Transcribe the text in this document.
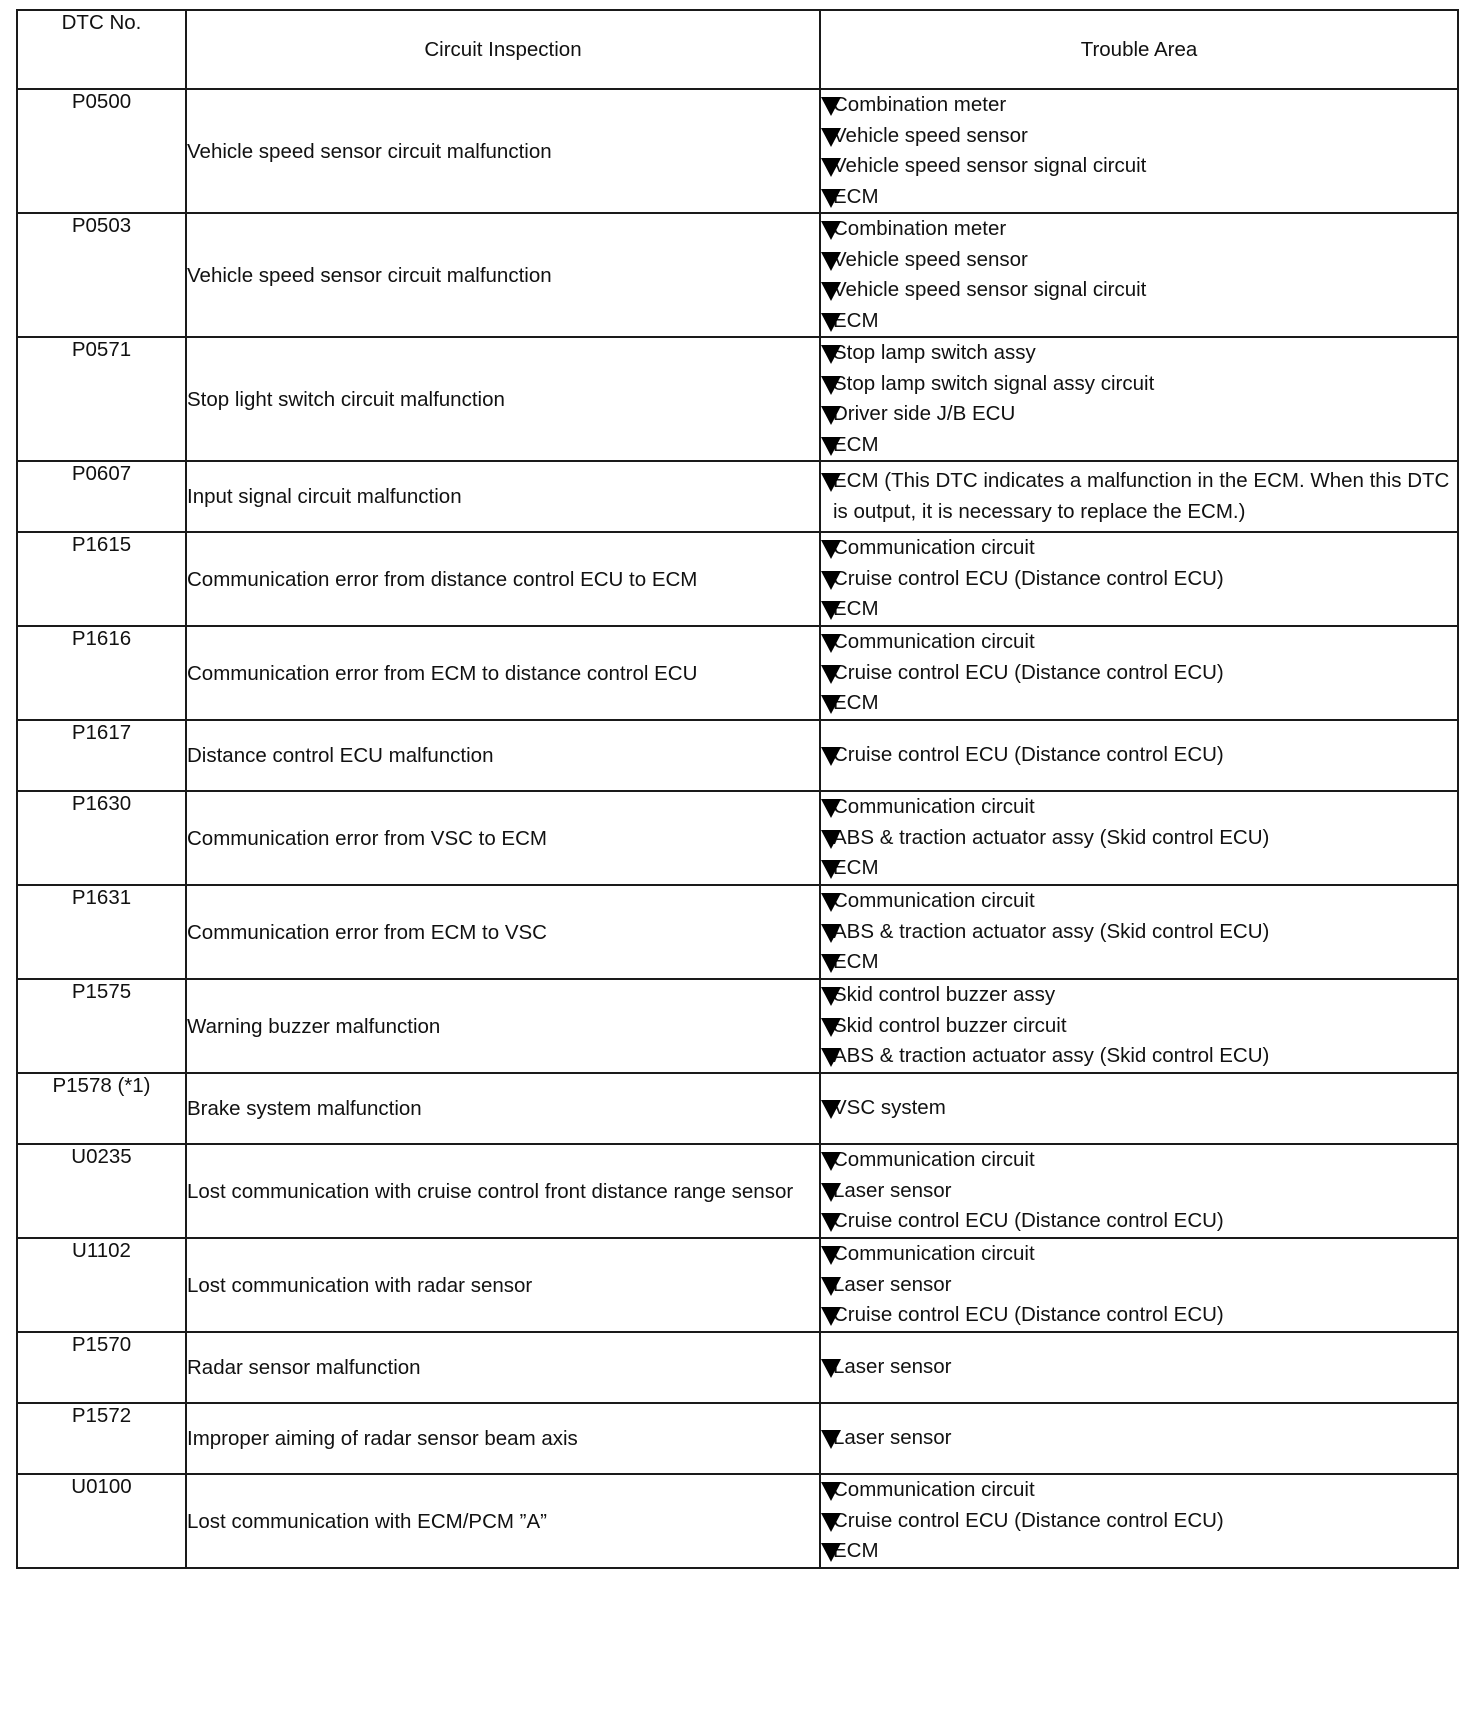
DTC No.	Circuit Inspection	Trouble Area
P0500	Vehicle speed sensor circuit malfunction	Combination meter
Vehicle speed sensor
Vehicle speed sensor signal circuit
ECM

P0503	Vehicle speed sensor circuit malfunction	Combination meter
Vehicle speed sensor
Vehicle speed sensor signal circuit
ECM

P0571	Stop light switch circuit malfunction	Stop lamp switch assy
Stop lamp switch signal assy circuit
Driver side J/B ECU
ECM

P0607	Input signal circuit malfunction	ECM (This DTC indicates a malfunction in the ECM. When this DTC is output, it is necessary to replace the ECM.)

P1615	Communication error from distance control ECU to ECM	Communication circuit
Cruise control ECU (Distance control ECU)
ECM

P1616	Communication error from ECM to distance control ECU	Communication circuit
Cruise control ECU (Distance control ECU)
ECM

P1617	Distance control ECU malfunction	Cruise control ECU (Distance control ECU)

P1630	Communication error from VSC to ECM	Communication circuit
ABS & traction actuator assy (Skid control ECU)
ECM

P1631	Communication error from ECM to VSC	Communication circuit
ABS & traction actuator assy (Skid control ECU)
ECM

P1575	Warning buzzer malfunction	Skid control buzzer assy
Skid control buzzer circuit
ABS & traction actuator assy (Skid control ECU)

P1578 (*1)	Brake system malfunction	VSC system

U0235	Lost communication with cruise control front distance range sensor	Communication circuit
Laser sensor
Cruise control ECU (Distance control ECU)

U1102	Lost communication with radar sensor	Communication circuit
Laser sensor
Cruise control ECU (Distance control ECU)

P1570	Radar sensor malfunction	Laser sensor

P1572	Improper aiming of radar sensor beam axis	Laser sensor

U0100	Lost communication with ECM/PCM ”A”	Communication circuit
Cruise control ECU (Distance control ECU)
ECM
